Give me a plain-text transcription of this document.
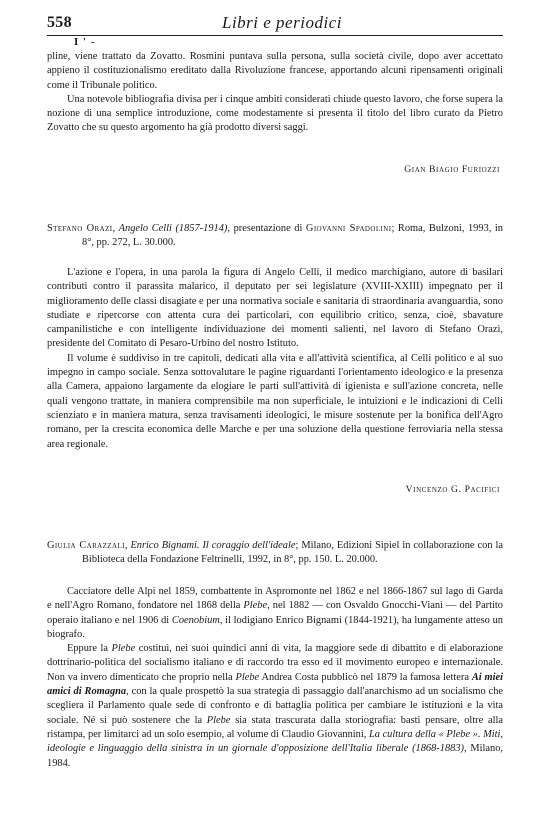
558	Libri e periodici
I ' -

pline, viene trattato da Zovatto. Rosmini puntava sulla persona, sulla società civile, dopo aver accettato appieno il costituzionalismo ereditato dalla Rivoluzione francese, apportando alcuni ripensamenti originali come il Tribunale politico.

Una notevole bibliografia divisa per i cinque ambiti considerati chiude questo lavoro, che forse supera la nozione di una semplice introduzione, come modestamente si presenta il titolo del libro curato da Pietro Zovatto che su questo argomento ha già prodotto diversi saggi.

Gian Biagio Furiozzi
Stefano Orazi, Angelo Celli (1857-1914), presentazione di Giovanni Spadolini; Roma, Bulzoni, 1993, in 8°, pp. 272, L. 30.000.

L'azione e l'opera, in una parola la figura di Angelo Celli, il medico marchigiano, autore di basilari contributi contro il parassita malarico, il deputato per sei legislature (XVIII-XXIII) impegnato per il miglioramento delle classi disagiate e per una normativa sociale e sanitaria di straordinaria avanguardia, sono studiate e ripercorse con attenta cura dei particolari, con equilibrio critico, senza, cioè, sbavature campanilistiche e con intelligente individuazione dei momenti salienti, nel lavoro di Stefano Orazi, presidente del Comitato di Pesaro-Urbino del nostro Istituto.

Il volume è suddiviso in tre capitoli, dedicati alla vita e all'attività scientifica, al Celli politico e al suo impegno in campo sociale. Senza sottovalutare le pagine riguardanti l'orientamento ideologico e la presenza alla Camera, appaiono largamente da elogiare le parti sull'attività di igienista e sull'azione concreta, nelle quali vengono trattate, in maniera comprensibile ma non superficiale, le intuizioni e le indicazioni di Celli scienziato e in maniera matura, senza travisamenti ideologici, le misure sostenute per la bonifica dell'Agro romano, per la crescita economica delle Marche e per una soluzione della questione ferroviaria nella stessa area regionale.

Vincenzo G. Pacifici
Giulia Carazzali, Enrico Bignami. Il coraggio dell'ideale; Milano, Edizioni Sipiel in collaborazione con la Biblioteca della Fondazione Feltrinelli, 1992, in 8°, pp. 150. L. 20.000.

Cacciatore delle Alpi nel 1859, combattente in Aspromonte nel 1862 e nel 1866-1867 sul lago di Garda e nell'Agro Romano, fondatore nel 1868 della Plebe, nel 1882 — con Osvaldo Gnocchi-Viani — del Partito operaio italiano e nel 1906 di Coenobium, il lodigiano Enrico Bignami (1844-1921), ha lungamente atteso un biografo.

Eppure la Plebe costituì, nei suoi quindici anni di vita, la maggiore sede di dibattito e di elaborazione dottrinario-politica del socialismo italiano e di raccordo tra esso ed il movimento europeo e internazionale. Non va invero dimenticato che proprio nella Plebe Andrea Costa pubblicò nel 1879 la famosa lettera Ai miei amici di Romagna, con la quale prospettò la sua strategia di passaggio dall'anarchismo ad un socialismo che scegliera il Parlamento quale sede di confronto e di battaglia politica per cambiare le istituzioni e la vita sociale. Né si può sostenere che la Plebe sia stata trascurata dalla storiografia: basti pensare, oltre alla ristampa, per limitarci ad un solo esempio, al volume di Claudio Giovannini, La cultura della « Plebe ». Miti, ideologie e linguaggio della sinistra in un giornale d'opposizione dell'Italia liberale (1868-1883), Milano, 1984.
